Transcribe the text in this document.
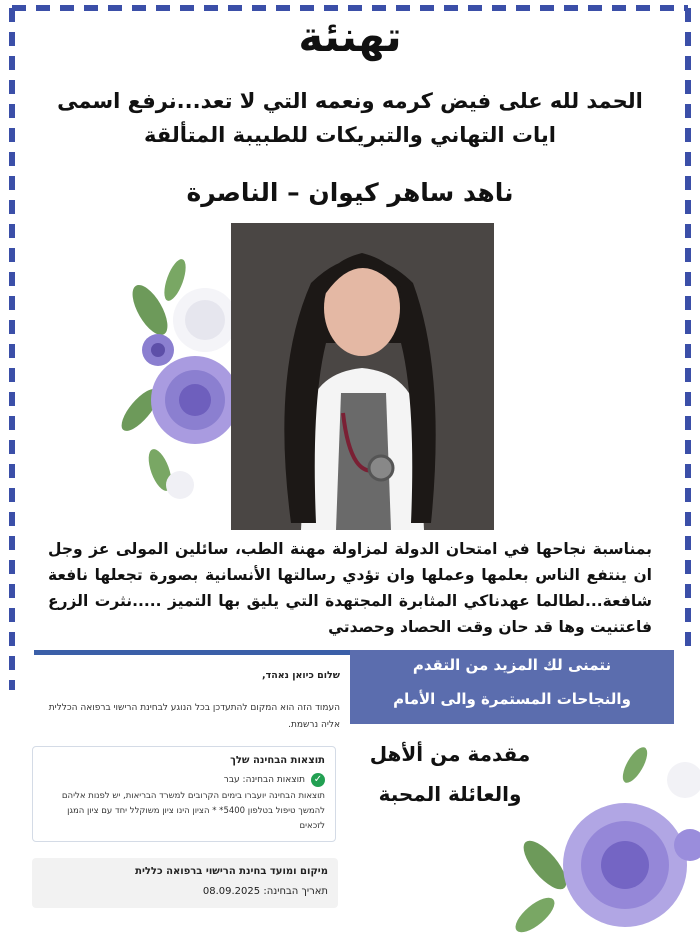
تهنئة
الحمد لله على فيض كرمه ونعمه التي لا تعد...نرفع اسمى ايات التهاني والتبريكات للطبيبة المتألقة
ناهد ساهر كيوان – الناصرة
بمناسبة نجاحها في امتحان الدولة لمزاولة مهنة الطب، سائلين المولى عز وجل ان ينتفع الناس بعلمها وعملها وان تؤدي رسالتها الأنسانية بصورة تجعلها نافعة شافعة...لطالما عهدناكي المثابرة المجتهدة التي يليق بها التميز .....نثرت الزرع فاعتنيت وها قد حان وقت الحصاد وحصدتي
שלום כיואן נאהד,
העמוד הזה הוא המקום להתעדכן בכל הנוגע לבחינת הרישוי ברפואה הכללית אליה נרשמת.
תוצאות הבחינה שלך
✓
תוצאות הבחינה: עבר
תוצאות הבחינה יועברו בימים הקרובים למשרד הבריאות, יש לפנות אליהם להמשך טיפול בטלפון 5400* * הציון הינו ציון משוקלל יחד עם ציון המגן לזכאים
מיקום ומועד בחינת הרישוי ברפואה כללית
תאריך הבחינה: 08.09.2025
نتمنى لك المزيد من التقدم
والنجاحات المستمرة والى الأمام
مقدمة من ألأهل والعائلة المحبة
